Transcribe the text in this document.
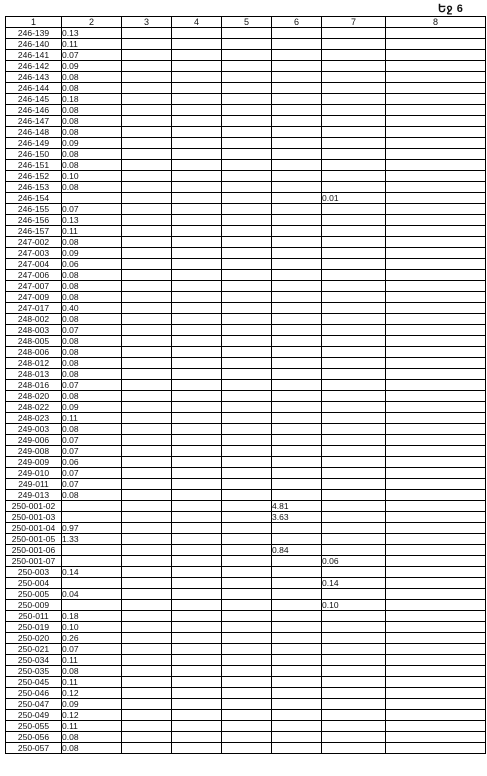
Եջ 6
1	2	3	4	5	6	7	8
246-139	0.13						
246-140	0.11						
246-141	0.07						
246-142	0.09						
246-143	0.08						
246-144	0.08						
246-145	0.18						
246-146	0.08						
246-147	0.08						
246-148	0.08						
246-149	0.09						
246-150	0.08						
246-151	0.08						
246-152	0.10						
246-153	0.08						
246-154						0.01	
246-155	0.07						
246-156	0.13						
246-157	0.11						
247-002	0.08						
247-003	0.09						
247-004	0.06						
247-006	0.08						
247-007	0.08						
247-009	0.08						
247-017	0.40						
248-002	0.08						
248-003	0.07						
248-005	0.08						
248-006	0.08						
248-012	0.08						
248-013	0.08						
248-016	0.07						
248-020	0.08						
248-022	0.09						
248-023	0.11						
249-003	0.08						
249-006	0.07						
249-008	0.07						
249-009	0.06						
249-010	0.07						
249-011	0.07						
249-013	0.08						
250-001-02					4.81		
250-001-03					3.63		
250-001-04	0.97						
250-001-05	1.33						
250-001-06					0.84		
250-001-07						0.06	
250-003	0.14						
250-004						0.14	
250-005	0.04						
250-009						0.10	
250-011	0.18						
250-019	0.10						
250-020	0.26						
250-021	0.07						
250-034	0.11						
250-035	0.08						
250-045	0.11						
250-046	0.12						
250-047	0.09						
250-049	0.12						
250-055	0.11						
250-056	0.08						
250-057	0.08						
